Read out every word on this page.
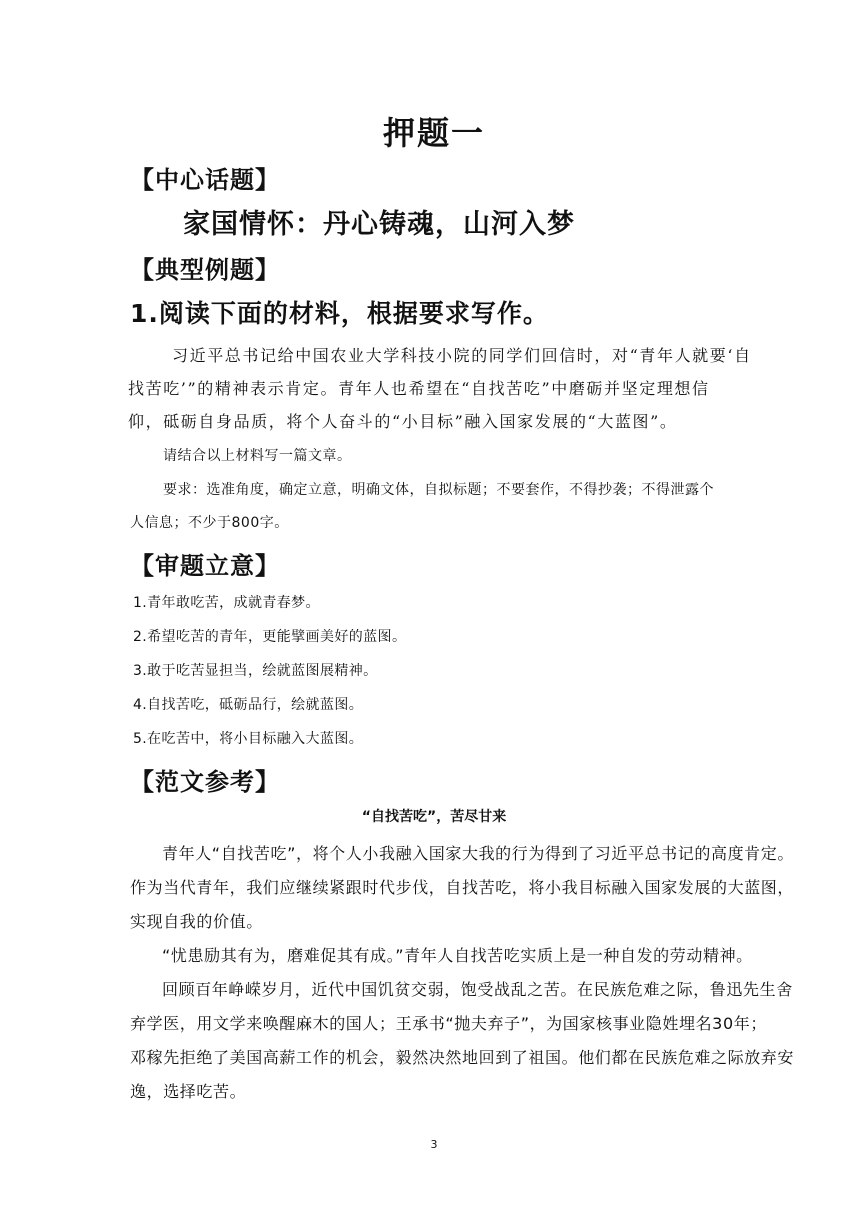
押题一
【中心话题】
家国情怀：丹心铸魂，山河入梦
【典型例题】
1.阅读下面的材料，根据要求写作。
习近平总书记给中国农业大学科技小院的同学们回信时，对“青年人就要‘自
找苦吃’”的精神表示肯定。青年人也希望在“自找苦吃”中磨砺并坚定理想信
仰，砥砺自身品质，将个人奋斗的“小目标”融入国家发展的“大蓝图”。
请结合以上材料写一篇文章。
要求：选准角度，确定立意，明确文体，自拟标题；不要套作，不得抄袭；不得泄露个
人信息；不少于800字。
【审题立意】
1.青年敢吃苦，成就青春梦。
2.希望吃苦的青年，更能擘画美好的蓝图。
3.敢于吃苦显担当，绘就蓝图展精神。
4.自找苦吃，砥砺品行，绘就蓝图。
5.在吃苦中，将小目标融入大蓝图。
【范文参考】
“自找苦吃”，苦尽甘来
青年人“自找苦吃”，将个人小我融入国家大我的行为得到了习近平总书记的高度肯定。
作为当代青年，我们应继续紧跟时代步伐，自找苦吃，将小我目标融入国家发展的大蓝图，
实现自我的价值。
“忧患励其有为，磨难促其有成。”青年人自找苦吃实质上是一种自发的劳动精神。
回顾百年峥嵘岁月，近代中国饥贫交弱，饱受战乱之苦。在民族危难之际，鲁迅先生舍
弃学医，用文学来唤醒麻木的国人；王承书“抛夫弃子”，为国家核事业隐姓埋名30年；
邓稼先拒绝了美国高薪工作的机会，毅然决然地回到了祖国。他们都在民族危难之际放弃安
逸，选择吃苦。
3
